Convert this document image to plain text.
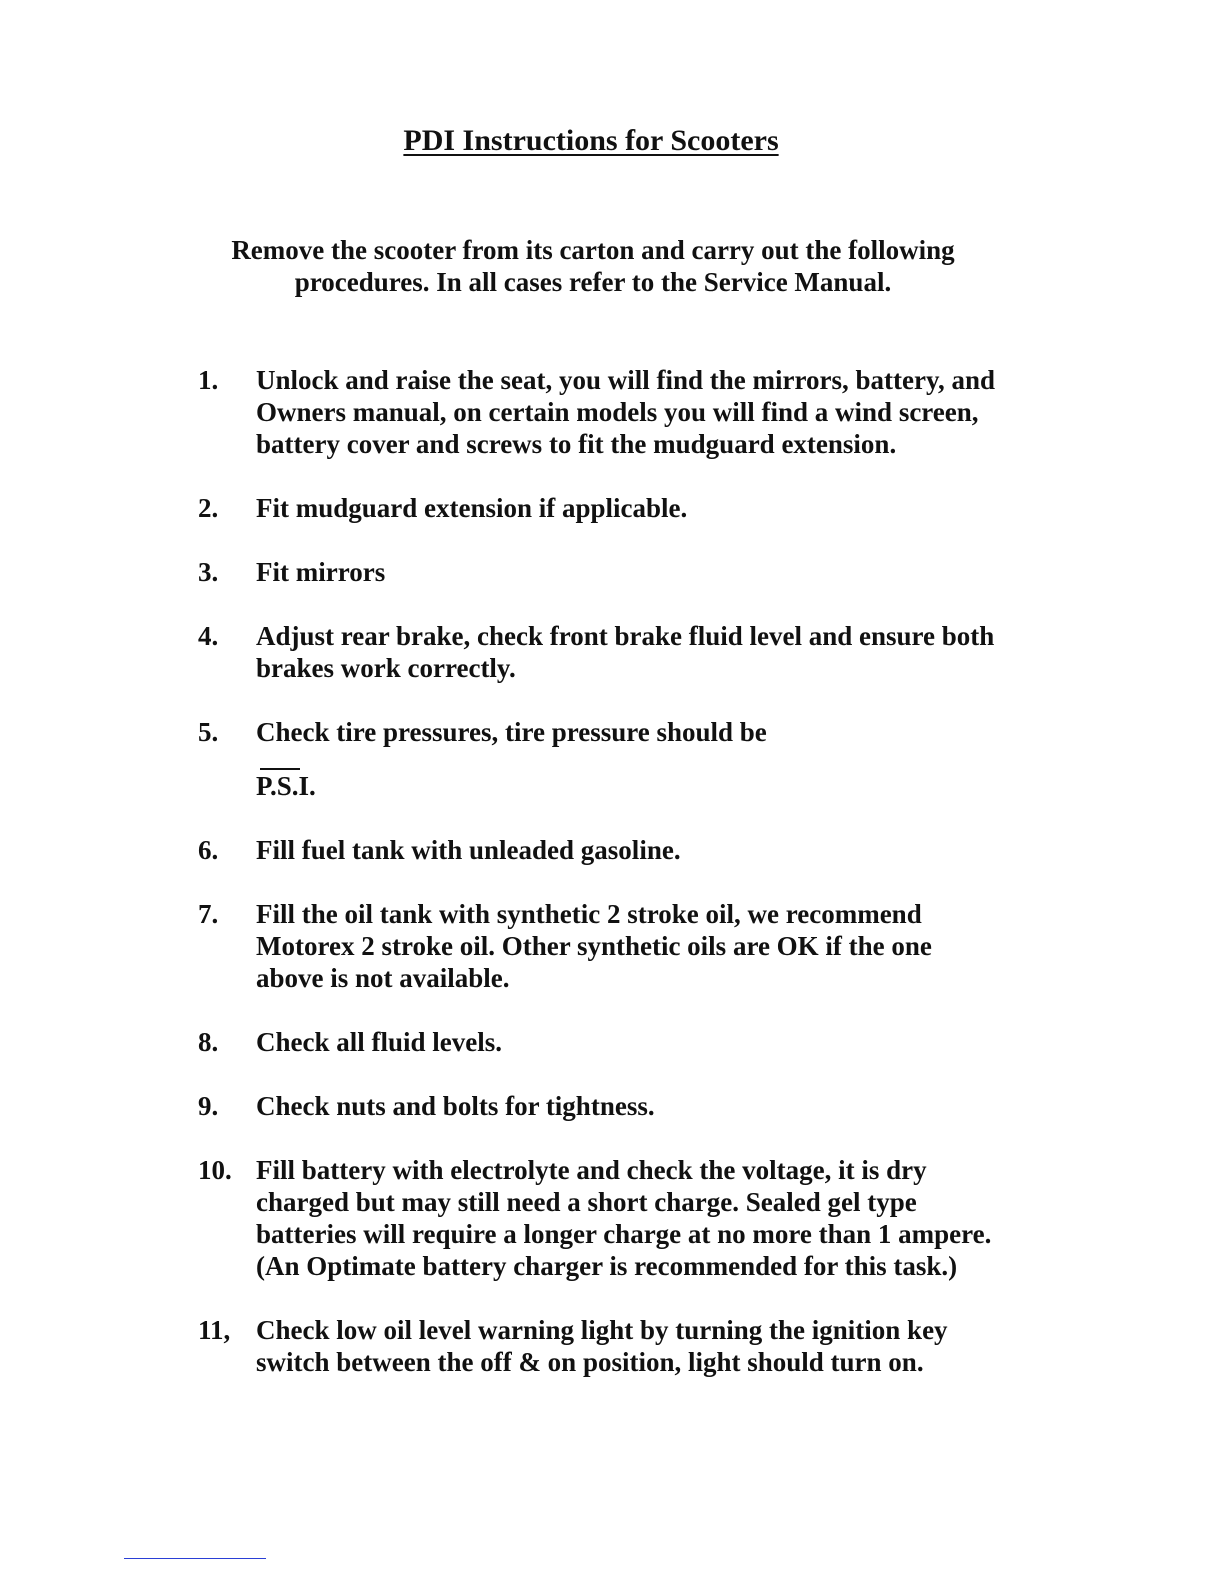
PDI Instructions for Scooters

Remove the scooter from its carton and carry out the following
procedures. In all cases refer to the Service Manual.

1.	Unlock and raise the seat, you will find the mirrors, battery, and
Owners manual, on certain models you will find a wind screen,
battery cover and screws to fit the mudguard extension.
2.	Fit mudguard extension if applicable.
3.	Fit mirrors
4.	Adjust rear brake, check front brake fluid level and ensure both
brakes work correctly.
5.	Check tire pressures, tire pressure should be
P.S.I.
6.	Fill fuel tank with unleaded gasoline.
7.	Fill the oil tank with synthetic 2 stroke oil, we recommend
Motorex 2 stroke oil. Other synthetic oils are OK if the one
above is not available.
8.	Check all fluid levels.
9.	Check nuts and bolts for tightness.
10. Fill battery with electrolyte and check the voltage, it is dry
charged but may still need a short charge. Sealed gel type
batteries will require a longer charge at no more than 1 ampere.
(An Optimate battery charger is recommended for this task.)
11, Check low oil level warning light by turning the ignition key
switch between the off & on position, light should turn on.
